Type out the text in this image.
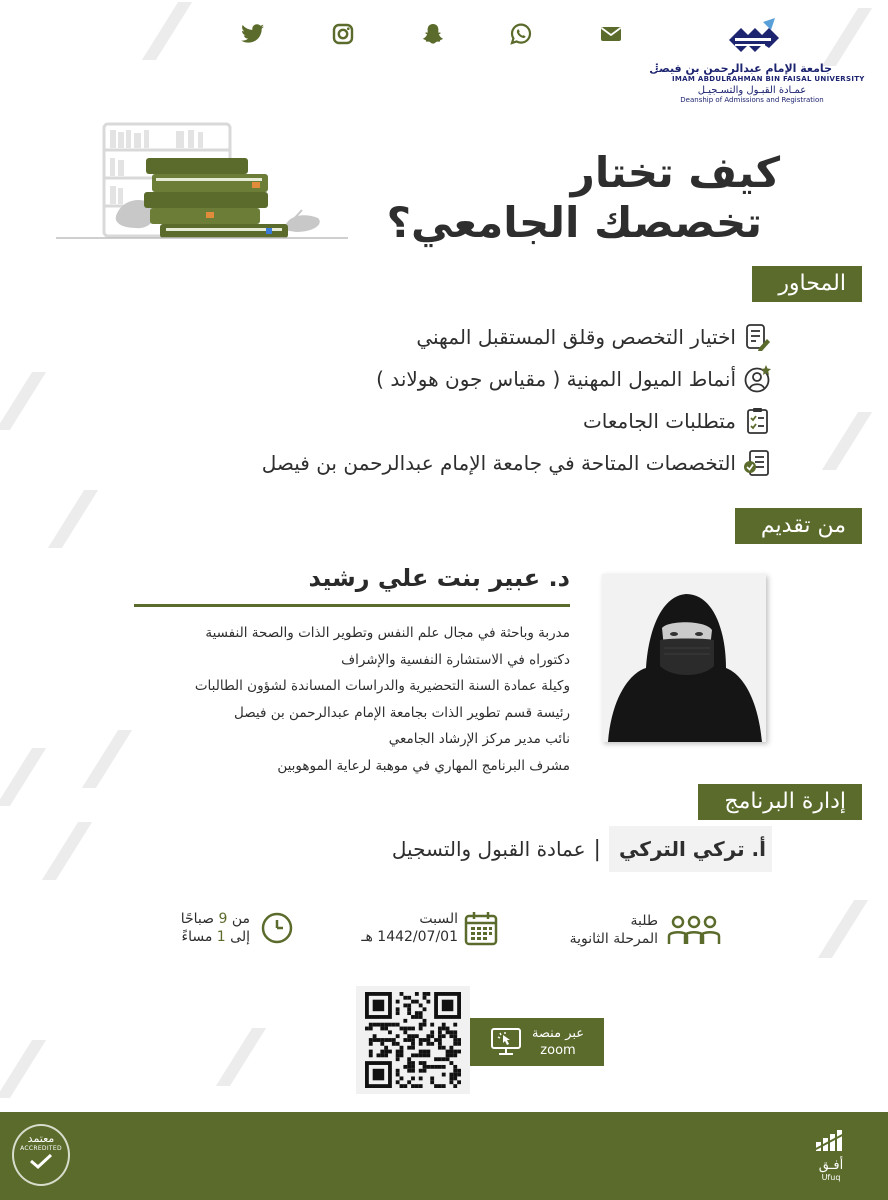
جامعة الإمام عبدالرحمن بن فيصل
IMAM ABDULRAHMAN BIN FAISAL UNIVERSITY
عمـادة القبـول والتسـجيـل
Deanship of Admissions and Registration
كيف تختار
تخصصك الجامعي؟
المحاور
اختيار التخصص وقلق المستقبل المهني
أنماط الميول المهنية ( مقياس جون هولاند )
متطلبات الجامعات
التخصصات المتاحة في جامعة الإمام عبدالرحمن بن فيصل
من تقديم
د. عبير بنت علي رشيد
مدربة وباحثة في مجال علم النفس وتطوير الذات والصحة النفسية
دكتوراه في الاستشارة النفسية والإشراف
وكيلة عمادة السنة التحضيرية والدراسات المساندة لشؤون الطالبات
رئيسة قسم تطوير الذات بجامعة الإمام عبدالرحمن بن فيصل
نائب مدير مركز الإرشاد الجامعي
مشرف البرنامج المهاري في موهبة لرعاية الموهوبين
إدارة البرنامج
أ. تركي التركي
|
عمادة القبول والتسجيل
طلبة
المرحلة الثانوية
السبت
1442/07/01 هـ
من 9 صباحًا
إلى 1 مساءً
عبر منصة
zoom
معتمد
ACCREDITED
IAU_AR	IAU_AR	IAU_AR	0133332222	bserv@iau.edu.sa
أفـق
Ufuq
